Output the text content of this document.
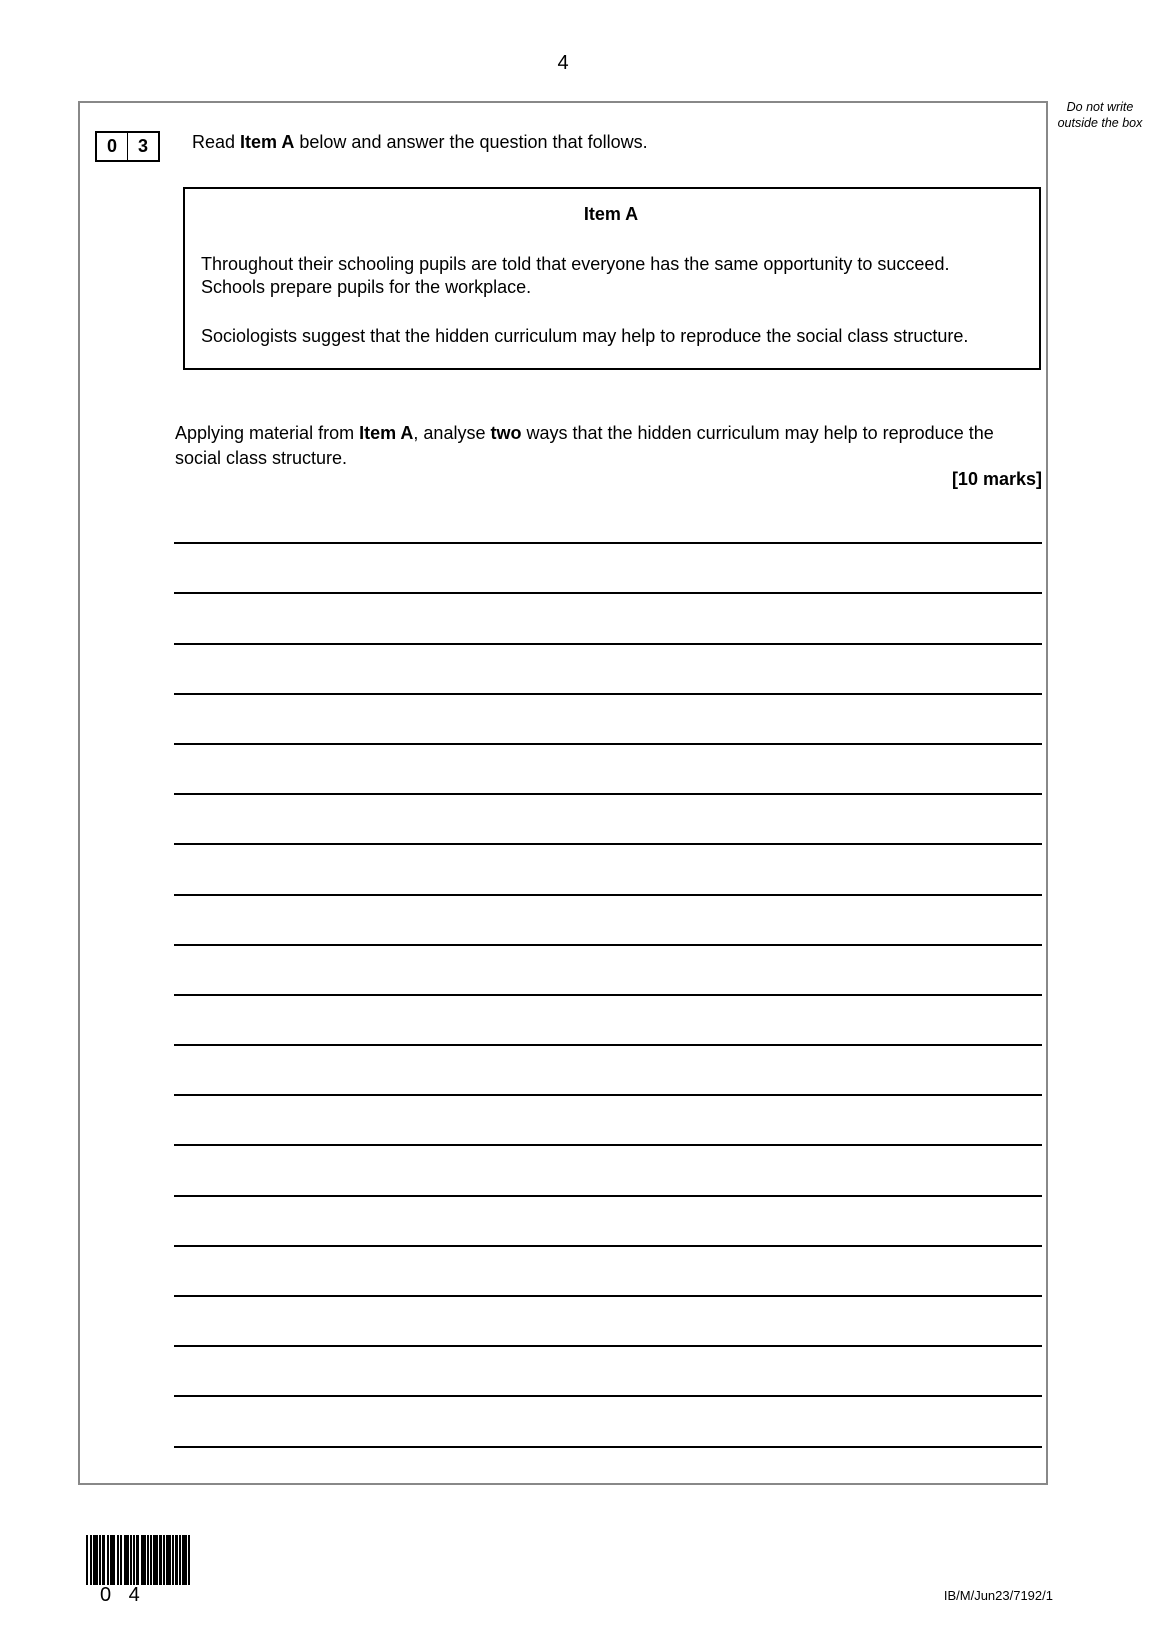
4
Do not write outside the box
0	3	Read Item A below and answer the question that follows.
Item A

Throughout their schooling pupils are told that everyone has the same opportunity to succeed.  Schools prepare pupils for the workplace.

Sociologists suggest that the hidden curriculum may help to reproduce the social class structure.

Applying material from Item A, analyse two ways that the hidden curriculum may help to reproduce the social class structure.
[10 marks]
0 4	IB/M/Jun23/7192/1
